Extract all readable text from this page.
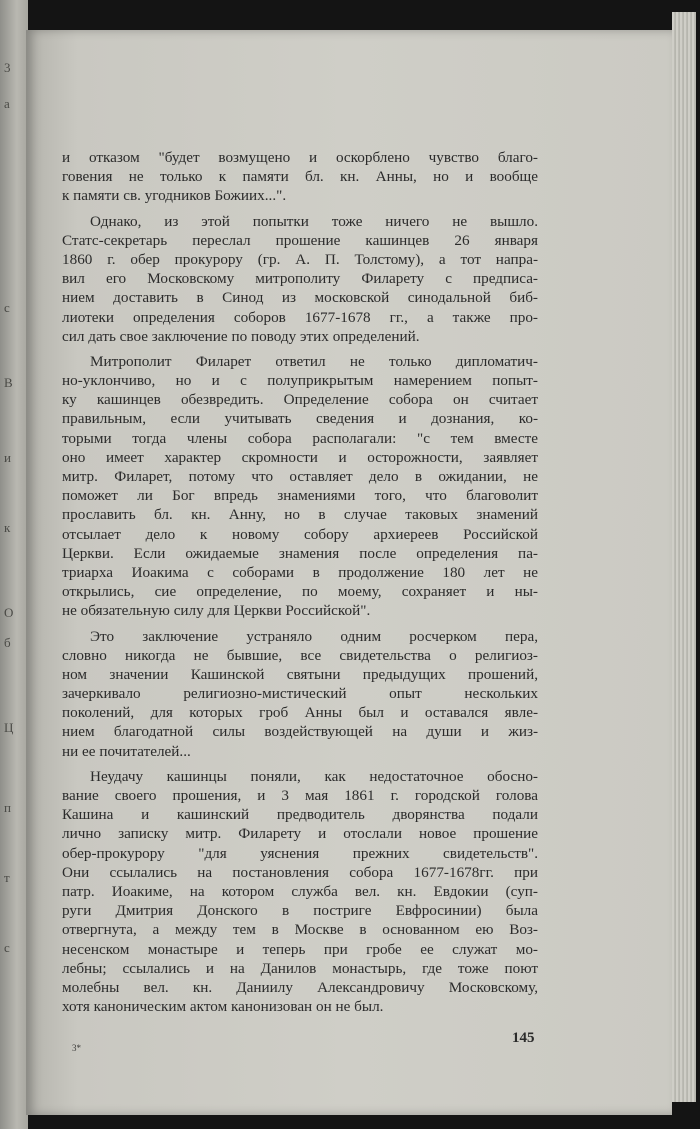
3
а
с
В
и
к
О
б
Ц
п
т
с
и отказом "будет возмущено и оскорблено чувство благо-
говения не только к памяти бл. кн. Анны, но и вообще
к памяти св. угодников Божиих...".
Однако, из этой попытки тоже ничего не вышло.
Статс-секретарь переслал прошение кашинцев 26 января
1860 г. обер прокурору (гр. А. П. Толстому), а тот напра-
вил его Московскому митрополиту Филарету с предписа-
нием доставить в Синод из московской синодальной биб-
лиотеки определения соборов 1677-1678 гг., а также про-
сил дать свое заключение по поводу этих определений.
Митрополит Филарет ответил не только дипломатич-
но-уклончиво, но и с полуприкрытым намерением попыт-
ку кашинцев обезвредить. Определение собора он считает
правильным, если учитывать сведения и дознания, ко-
торыми тогда члены собора располагали: "с тем вместе
оно имеет характер скромности и осторожности, заявляет
митр. Филарет, потому что оставляет дело в ожидании, не
поможет ли Бог впредь знамениями того, что благоволит
прославить бл. кн. Анну, но в случае таковых знамений
отсылает дело к новому собору архиереев Российской
Церкви. Если ожидаемые знамения после определения па-
триарха Иоакима с соборами в продолжение 180 лет не
открылись, сие определение, по моему, сохраняет и ны-
не обязательную силу для Церкви Российской".
Это заключение устраняло одним росчерком пера,
словно никогда не бывшие, все свидетельства о религиоз-
ном значении Кашинской святыни предыдущих прошений,
зачеркивало религиозно-мистический опыт нескольких
поколений, для которых гроб Анны был и оставался явле-
нием благодатной силы воздействующей на души и жиз-
ни ее почитателей...
Неудачу кашинцы поняли, как недостаточное обосно-
вание своего прошения, и 3 мая 1861 г. городской голова
Кашина и кашинский предводитель дворянства подали
лично записку митр. Филарету и отослали новое прошение
обер-прокурору "для уяснения прежних свидетельств".
Они ссылались на постановления собора 1677-1678гг. при
патр. Иоакиме, на котором служба вел. кн. Евдокии (суп-
руги Дмитрия Донского в постриге Евфросинии) была
отвергнута, а между тем в Москве в основанном ею Воз-
несенском монастыре и теперь при гробе ее служат мо-
лебны; ссылались и на Данилов монастырь, где тоже поют
молебны вел. кн. Даниилу Александровичу Московскому,
хотя каноническим актом канонизован он не был.
3*
145
